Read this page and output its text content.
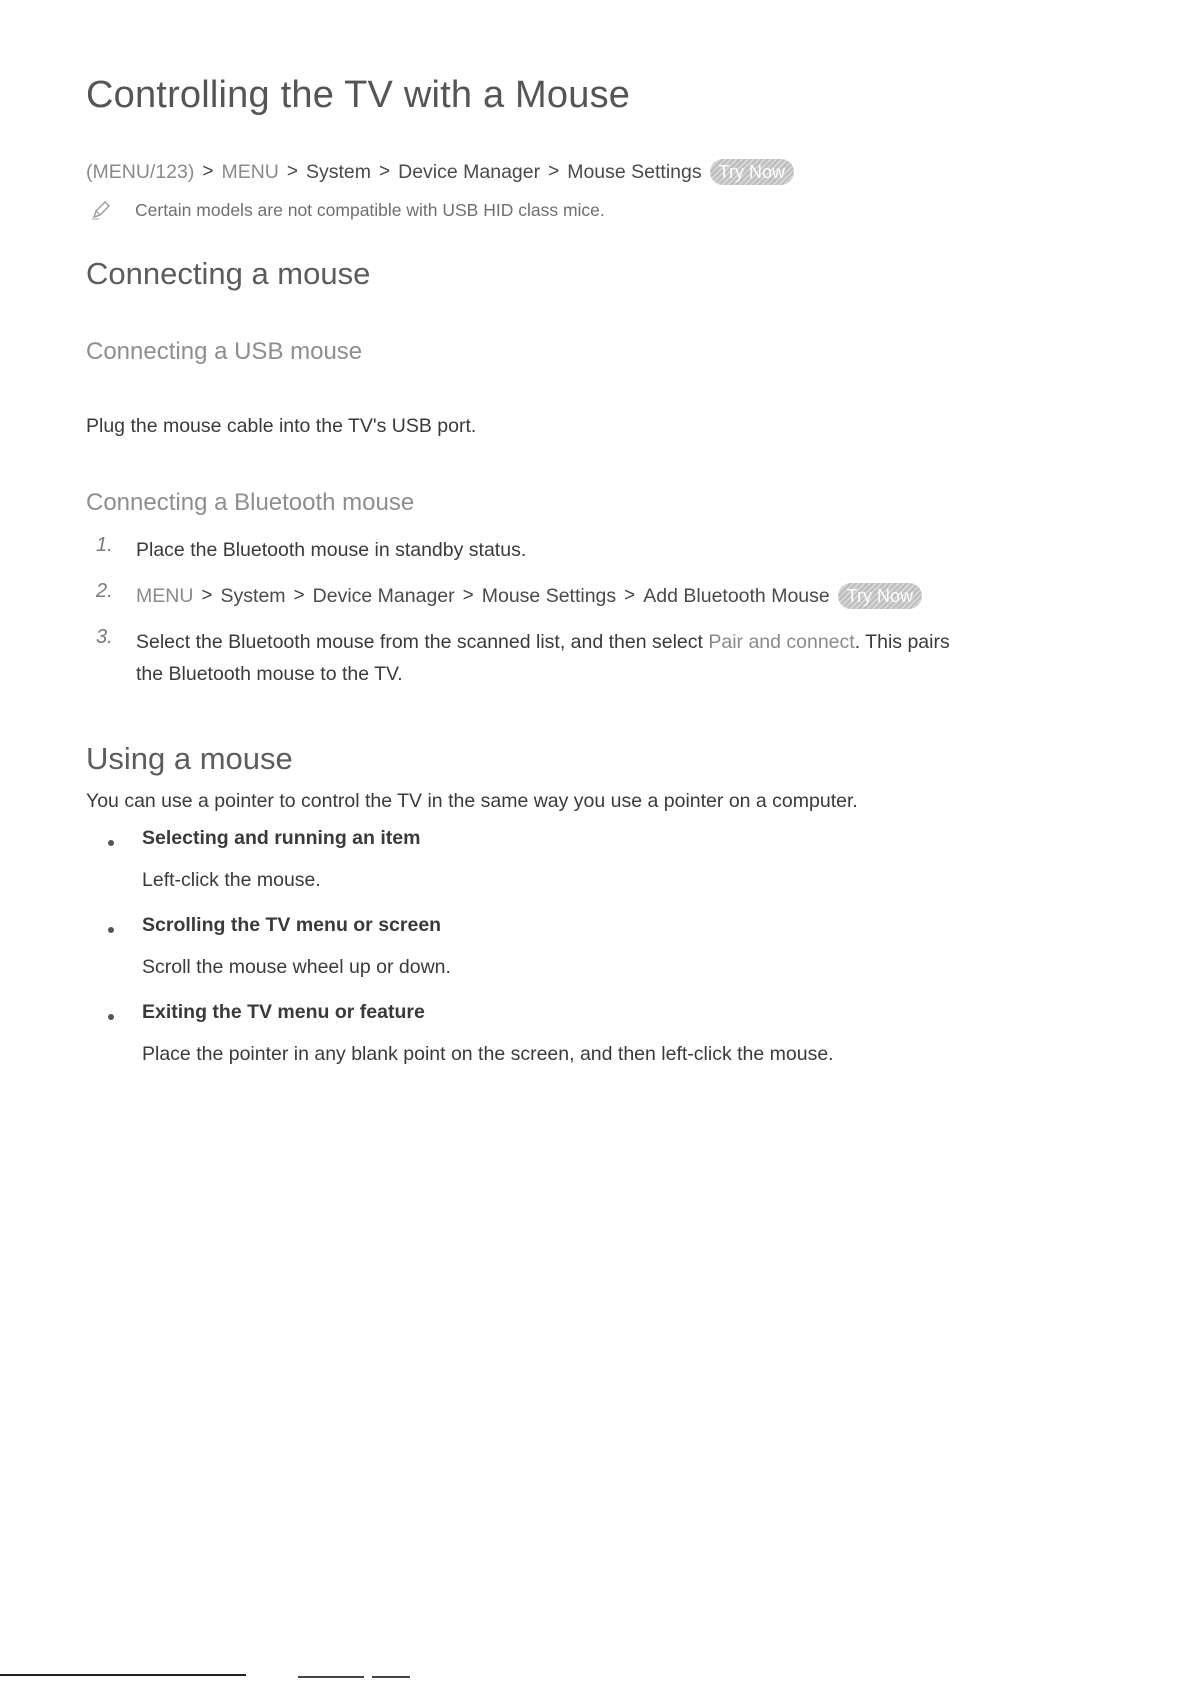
Controlling the TV with a Mouse
(MENU/123) > MENU > System > Device Manager > Mouse Settings Try Now
Certain models are not compatible with USB HID class mice.
Connecting a mouse
Connecting a USB mouse

Plug the mouse cable into the TV's USB port.

Connecting a Bluetooth mouse
1.	Place the Bluetooth mouse in standby status.
2.	MENU > System > Device Manager > Mouse Settings > Add Bluetooth Mouse Try Now
3.	Select the Bluetooth mouse from the scanned list, and then select Pair and connect. This pairs
the Bluetooth mouse to the TV.
Using a mouse

You can use a pointer to control the TV in the same way you use a pointer on a computer.

Selecting and running an item
Left-click the mouse.
Scrolling the TV menu or screen
Scroll the mouse wheel up or down.
Exiting the TV menu or feature
Place the pointer in any blank point on the screen, and then left-click the mouse.
